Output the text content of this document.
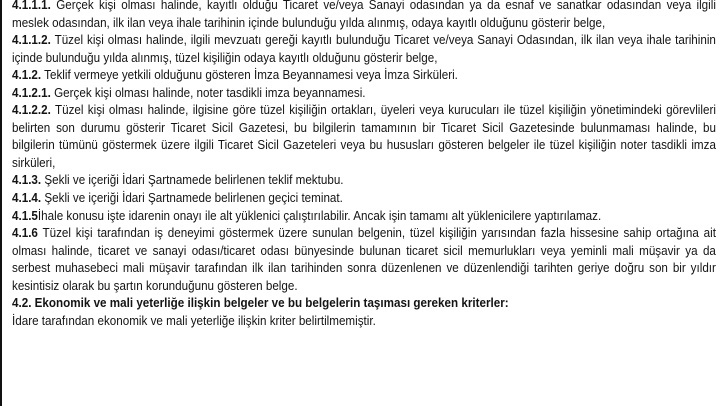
4.1.1.1. Gerçek kişi olması halinde, kayıtlı olduğu Ticaret ve/veya Sanayi odasından ya da esnaf ve sanatkar odasından veya ilgili meslek odasından, ilk ilan veya ihale tarihinin içinde bulunduğu yılda alınmış, odaya kayıtlı olduğunu gösterir belge,

4.1.1.2. Tüzel kişi olması halinde, ilgili mevzuatı gereği kayıtlı bulunduğu Ticaret ve/veya Sanayi Odasından, ilk ilan veya ihale tarihinin içinde bulunduğu yılda alınmış, tüzel kişiliğin odaya kayıtlı olduğunu gösterir belge,

4.1.2. Teklif vermeye yetkili olduğunu gösteren İmza Beyannamesi veya İmza Sirküleri.

4.1.2.1. Gerçek kişi olması halinde, noter tasdikli imza beyannamesi.

4.1.2.2. Tüzel kişi olması halinde, ilgisine göre tüzel kişiliğin ortakları, üyeleri veya kurucuları ile tüzel kişiliğin yönetimindeki görevlileri belirten son durumu gösterir Ticaret Sicil Gazetesi, bu bilgilerin tamamının bir Ticaret Sicil Gazetesinde bulunmaması halinde, bu bilgilerin tümünü göstermek üzere ilgili Ticaret Sicil Gazeteleri veya bu hususları gösteren belgeler ile tüzel kişiliğin noter tasdikli imza sirküleri,

4.1.3. Şekli ve içeriği İdari Şartnamede belirlenen teklif mektubu.

4.1.4. Şekli ve içeriği İdari Şartnamede belirlenen geçici teminat.

4.1.5İhale konusu işte idarenin onayı ile alt yüklenici çalıştırılabilir. Ancak işin tamamı alt yüklenicilere yaptırılamaz.

4.1.6 Tüzel kişi tarafından iş deneyimi göstermek üzere sunulan belgenin, tüzel kişiliğin yarısından fazla hissesine sahip ortağına ait olması halinde, ticaret ve sanayi odası/ticaret odası bünyesinde bulunan ticaret sicil memurlukları veya yeminli mali müşavir ya da serbest muhasebeci mali müşavir tarafından ilk ilan tarihinden sonra düzenlenen ve düzenlendiği tarihten geriye doğru son bir yıldır kesintisiz olarak bu şartın korunduğunu gösteren belge.

4.2. Ekonomik ve mali yeterliğe ilişkin belgeler ve bu belgelerin taşıması gereken kriterler:

İdare tarafından ekonomik ve mali yeterliğe ilişkin kriter belirtilmemiştir.
